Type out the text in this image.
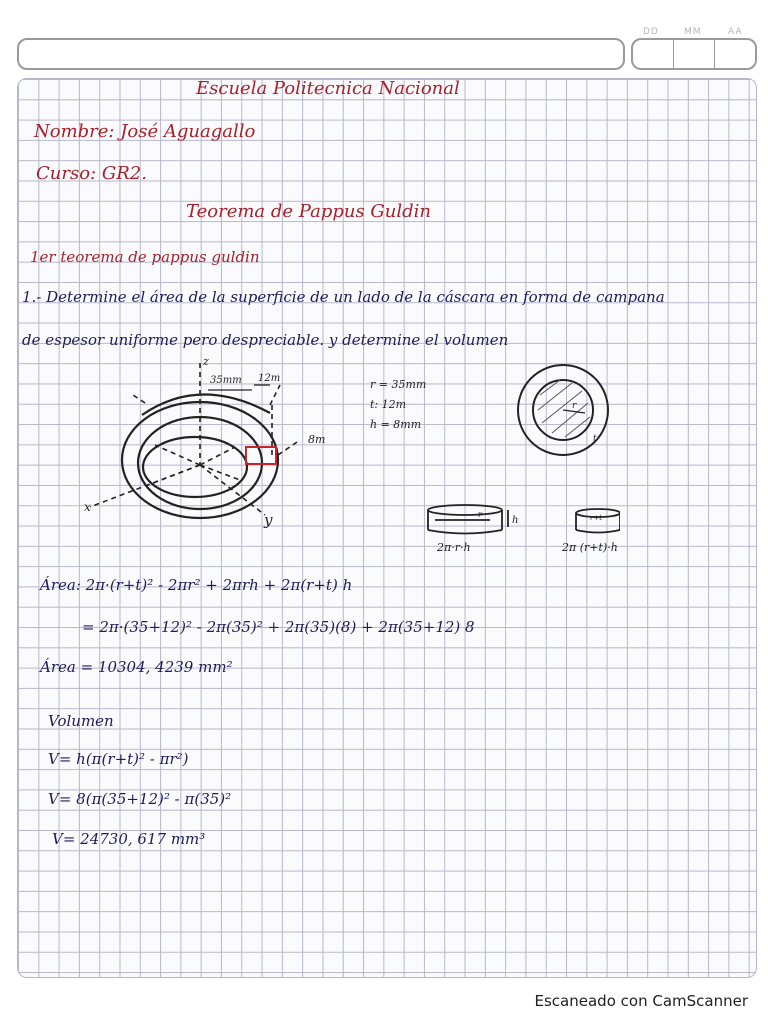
DD	MM	AA
Escuela Politecnica Nacional
Nombre: José Aguagallo
Curso: GR2.
Teorema de Pappus Guldin
1er teorema de pappus guldin
1.- Determine el área de la superficie de un lado de la cáscara en forma de campana
de espesor uniforme pero despreciable. y determine el volumen
z
x
y
35mm 12m
8m
r = 35mm
t: 12m
h = 8mm
r
t
r
h
2π·r·h
r+t
2π (r+t)·h
Área: 2π·(r+t)² - 2πr² + 2πrh + 2π(r+t) h
= 2π·(35+12)² - 2π(35)² + 2π(35)(8) + 2π(35+12) 8
Área = 10304, 4239 mm²
Volumen
V= h(π(r+t)² - πr²)
V= 8(π(35+12)² - π(35)²
V= 24730, 617 mm³
Escaneado con CamScanner
